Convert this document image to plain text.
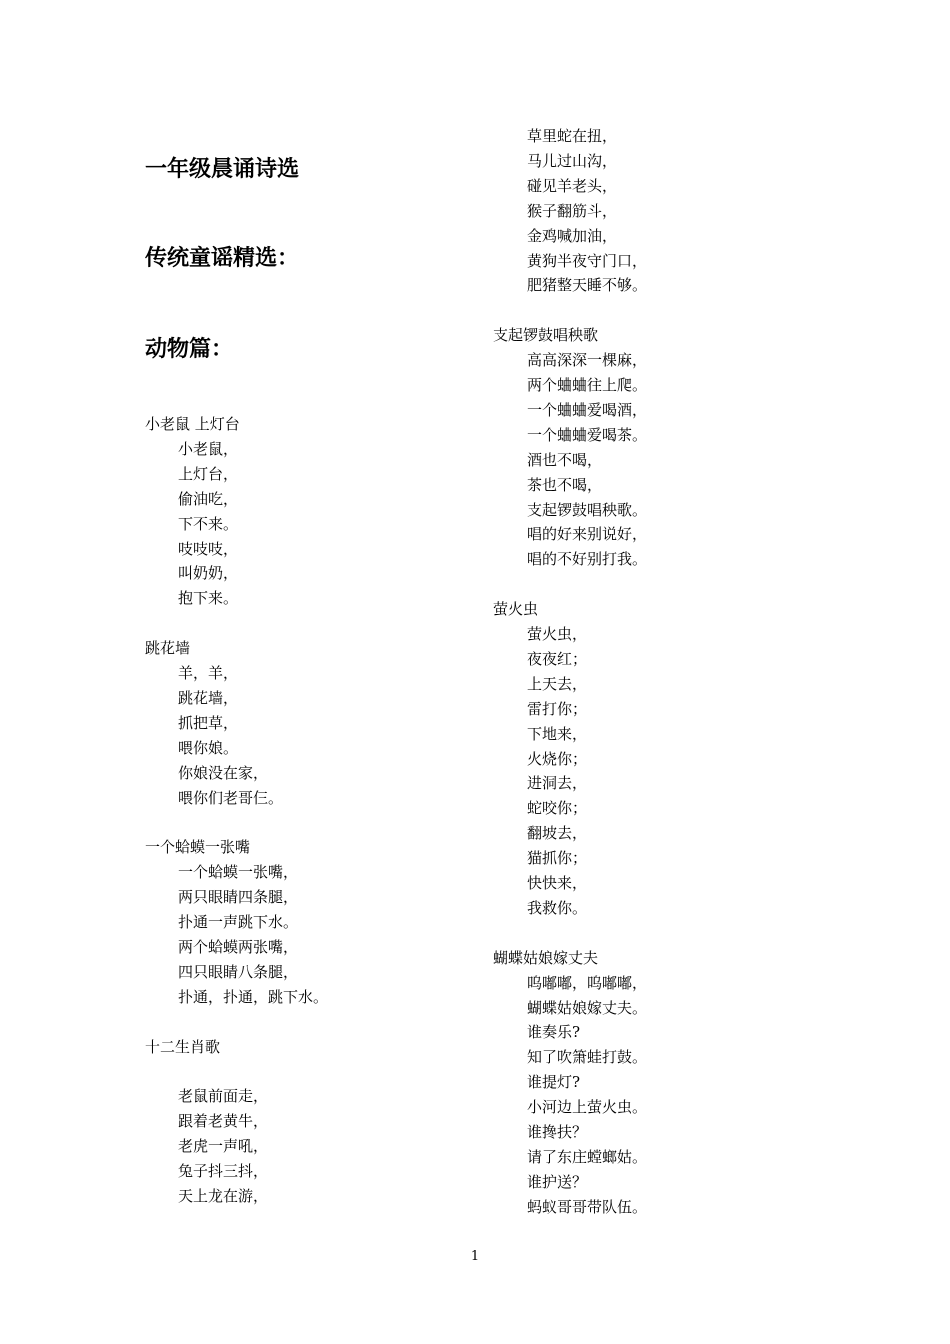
一年级晨诵诗选
传统童谣精选：
动物篇：
小老鼠 上灯台
小老鼠，
上灯台，
偷油吃，
下不来。
吱吱吱，
叫奶奶，
抱下来。
跳花墙
羊，羊，
跳花墙，
抓把草，
喂你娘。
你娘没在家，
喂你们老哥仨。
一个蛤蟆一张嘴
一个蛤蟆一张嘴，
两只眼睛四条腿，
扑通一声跳下水。
两个蛤蟆两张嘴，
四只眼睛八条腿，
扑通，扑通，跳下水。
十二生肖歌
老鼠前面走，
跟着老黄牛，
老虎一声吼，
兔子抖三抖，
天上龙在游，
草里蛇在扭，
马儿过山沟，
碰见羊老头，
猴子翻筋斗，
金鸡喊加油，
黄狗半夜守门口，
肥猪整天睡不够。
支起锣鼓唱秧歌
高高深深一棵麻，
两个蛐蛐往上爬。
一个蛐蛐爱喝酒，
一个蛐蛐爱喝茶。
酒也不喝，
茶也不喝，
支起锣鼓唱秧歌。
唱的好来别说好，
唱的不好别打我。
萤火虫
萤火虫，
夜夜红；
上天去，
雷打你；
下地来，
火烧你；
进洞去，
蛇咬你；
翻坡去，
猫抓你；
快快来，
我救你。
蝴蝶姑娘嫁丈夫
呜嘟嘟，呜嘟嘟，
蝴蝶姑娘嫁丈夫。
谁奏乐?
知了吹箫蛙打鼓。
谁提灯?
小河边上萤火虫。
谁搀扶？
请了东庄螳螂姑。
谁护送？
蚂蚁哥哥带队伍。
1
